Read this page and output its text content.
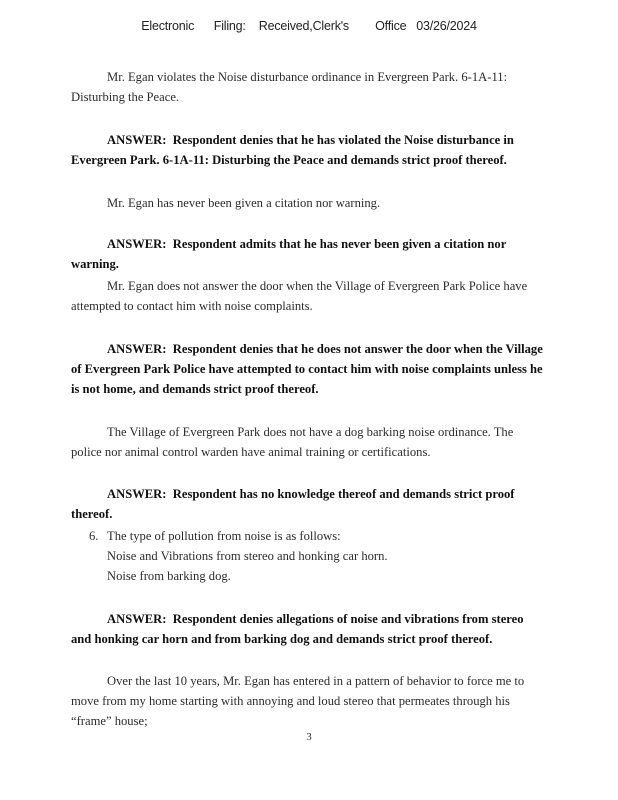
Electronic      Filing:    Received,Clerk's        Office   03/26/2024

Mr. Egan violates the Noise disturbance ordinance in Evergreen Park. 6-1A-11: Disturbing the Peace.

ANSWER: Respondent denies that he has violated the Noise disturbance in Evergreen Park. 6-1A-11: Disturbing the Peace and demands strict proof thereof.

Mr. Egan has never been given a citation nor warning.

ANSWER: Respondent admits that he has never been given a citation nor warning.

Mr. Egan does not answer the door when the Village of Evergreen Park Police have attempted to contact him with noise complaints.

ANSWER: Respondent denies that he does not answer the door when the Village of Evergreen Park Police have attempted to contact him with noise complaints unless he is not home, and demands strict proof thereof.

The Village of Evergreen Park does not have a dog barking noise ordinance. The police nor animal control warden have animal training or certifications.

ANSWER: Respondent has no knowledge thereof and demands strict proof thereof.

6. The type of pollution from noise is as follows:
Noise and Vibrations from stereo and honking car horn.
Noise from barking dog.

ANSWER: Respondent denies allegations of noise and vibrations from stereo and honking car horn and from barking dog and demands strict proof thereof.

Over the last 10 years, Mr. Egan has entered in a pattern of behavior to force me to move from my home starting with annoying and loud stereo that permeates through his “frame” house;

3
